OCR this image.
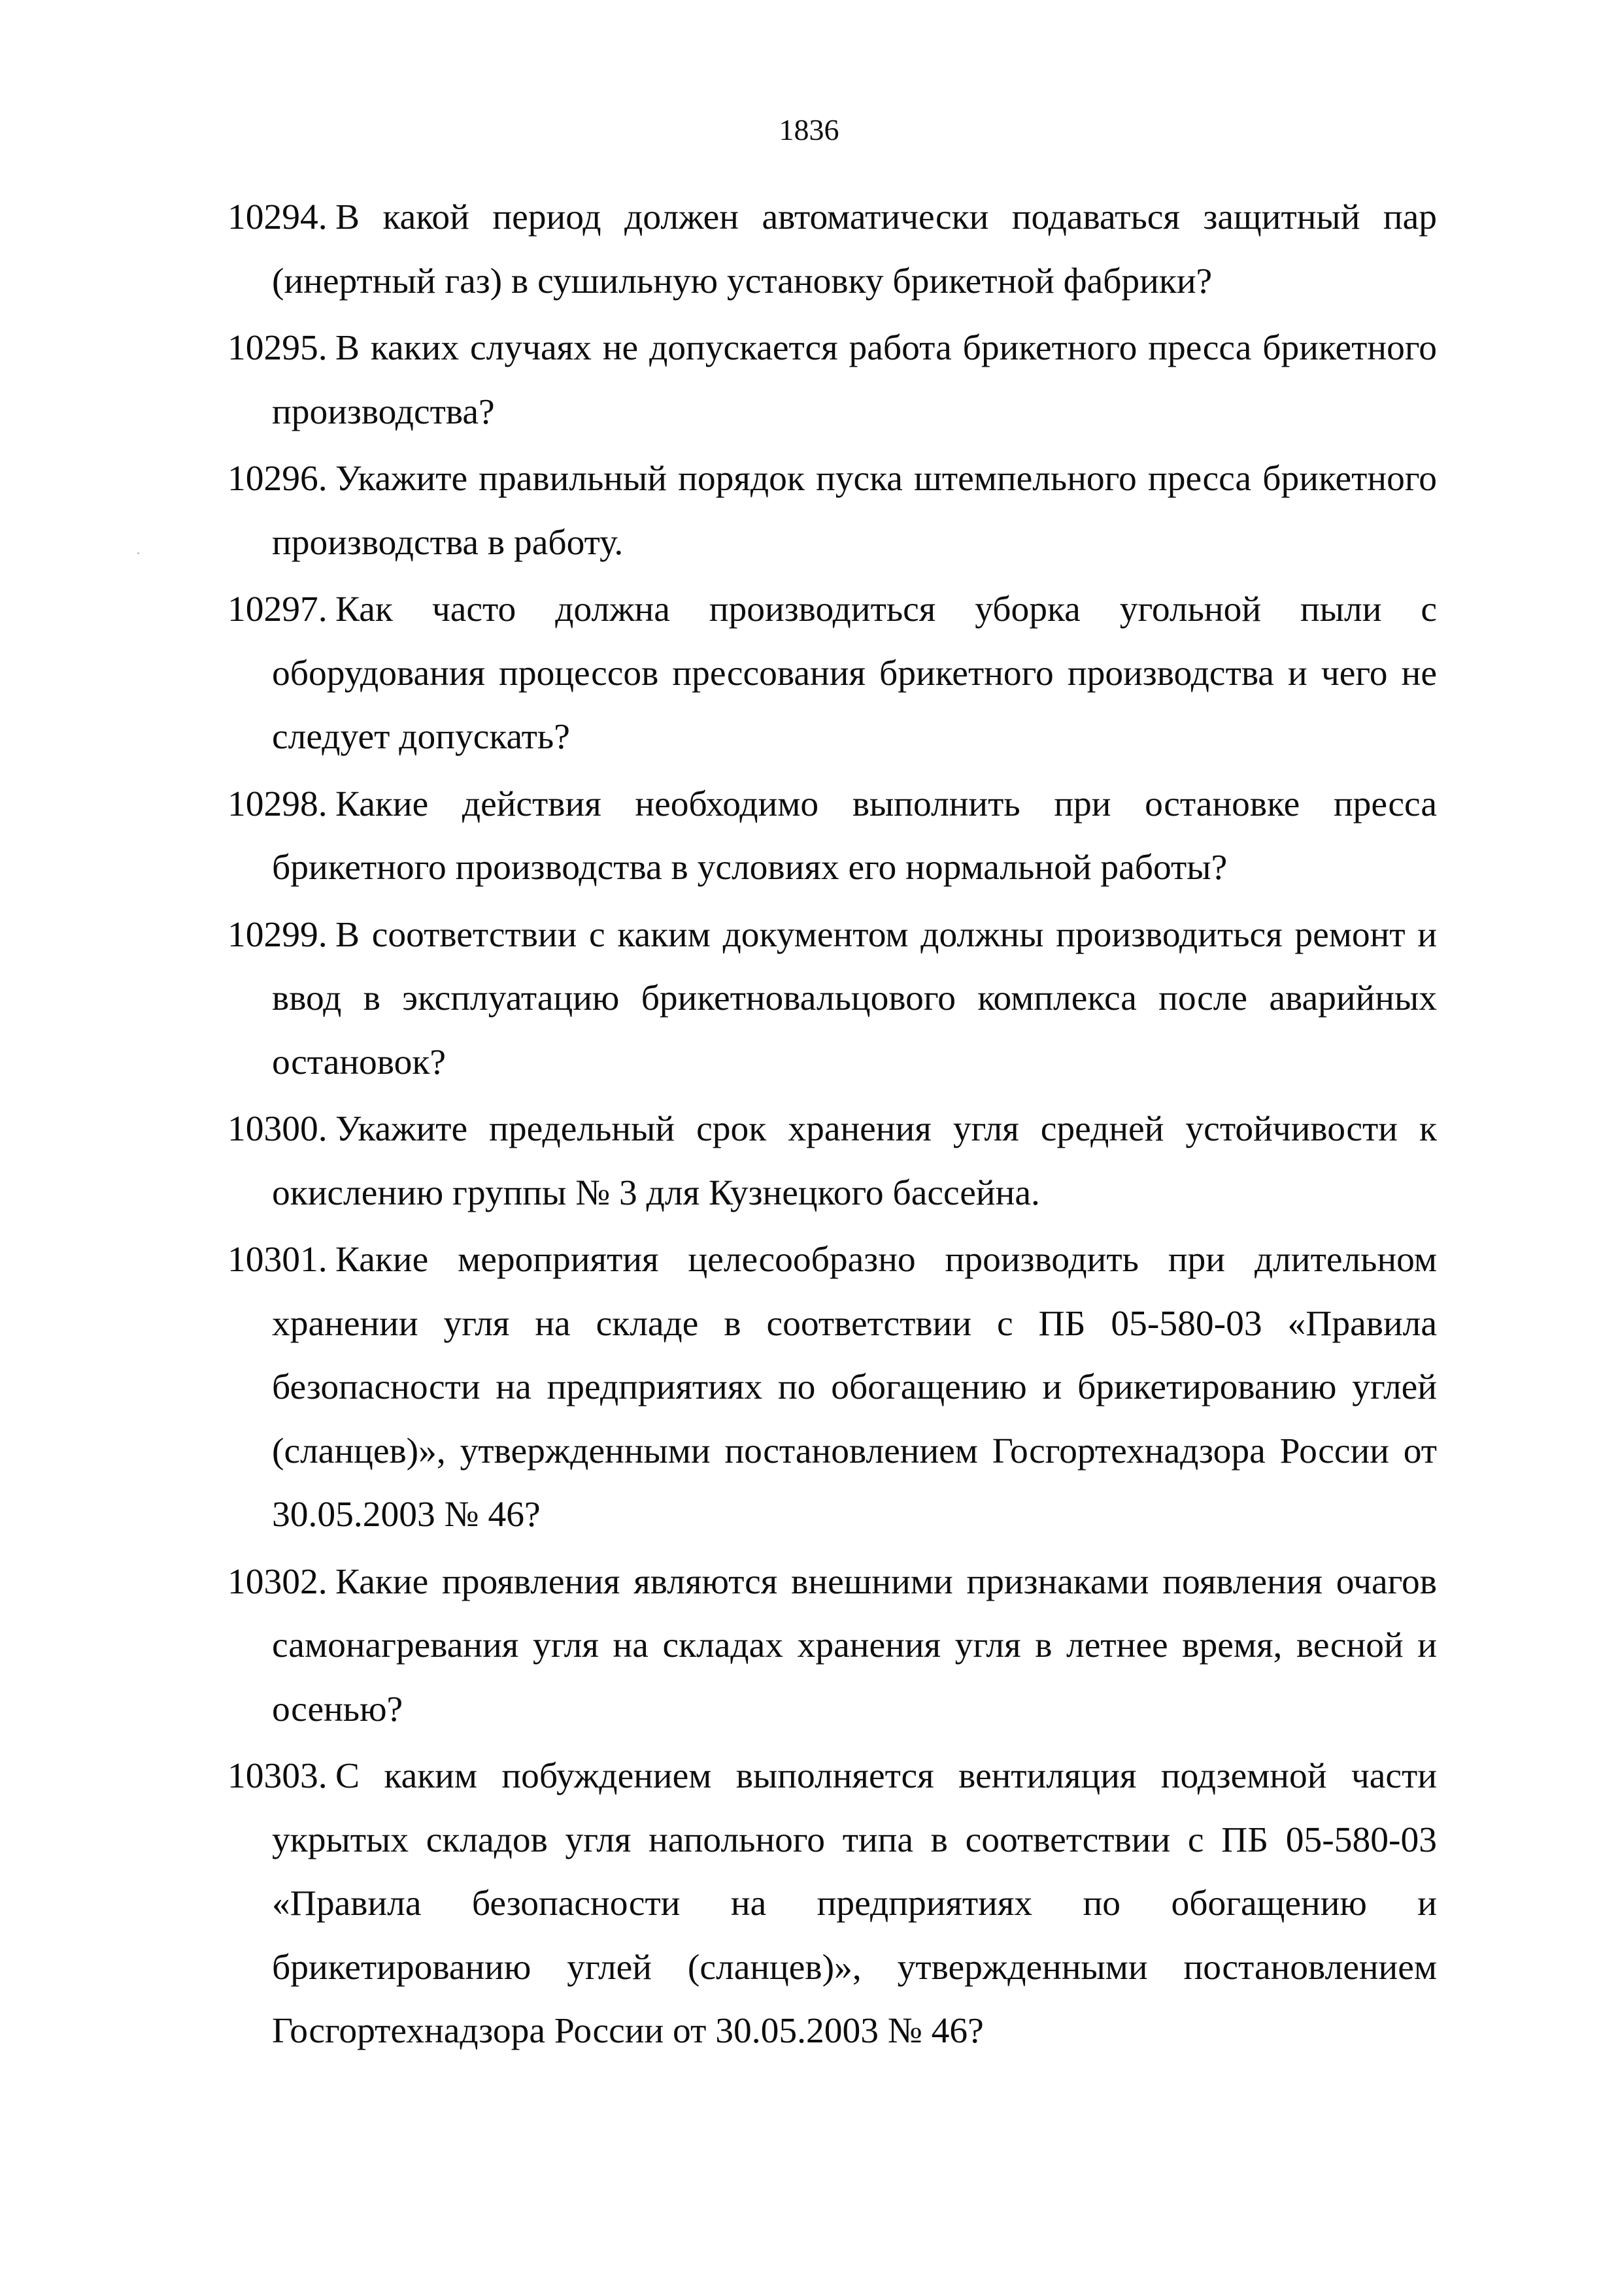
1836
10294. В какой период должен автоматически подаваться защитный пар (инертный газ) в сушильную установку брикетной фабрики?
10295. В каких случаях не допускается работа брикетного пресса брикетного производства?
10296. Укажите правильный порядок пуска штемпельного пресса брикетного производства в работу.
10297. Как часто должна производиться уборка угольной пыли с оборудования процессов прессования брикетного производства и чего не следует допускать?
10298. Какие действия необходимо выполнить при остановке пресса брикетного производства в условиях его нормальной работы?
10299. В соответствии с каким документом должны производиться ремонт и ввод в эксплуатацию брикетновальцового комплекса после аварийных остановок?
10300. Укажите предельный срок хранения угля средней устойчивости к окислению группы № 3 для Кузнецкого бассейна.
10301. Какие мероприятия целесообразно производить при длительном хранении угля на складе в соответствии с ПБ 05-580-03 «Правила безопасности на предприятиях по обогащению и брикетированию углей (сланцев)», утвержденными постановлением Госгортехнадзора России от 30.05.2003 № 46?
10302. Какие проявления являются внешними признаками появления очагов самонагревания угля на складах хранения угля в летнее время, весной и осенью?
10303. С каким побуждением выполняется вентиляция подземной части укрытых складов угля напольного типа в соответствии с ПБ 05-580-03 «Правила безопасности на предприятиях по обогащению и брикетированию углей (сланцев)», утвержденными постановлением Госгортехнадзора России от 30.05.2003 № 46?
